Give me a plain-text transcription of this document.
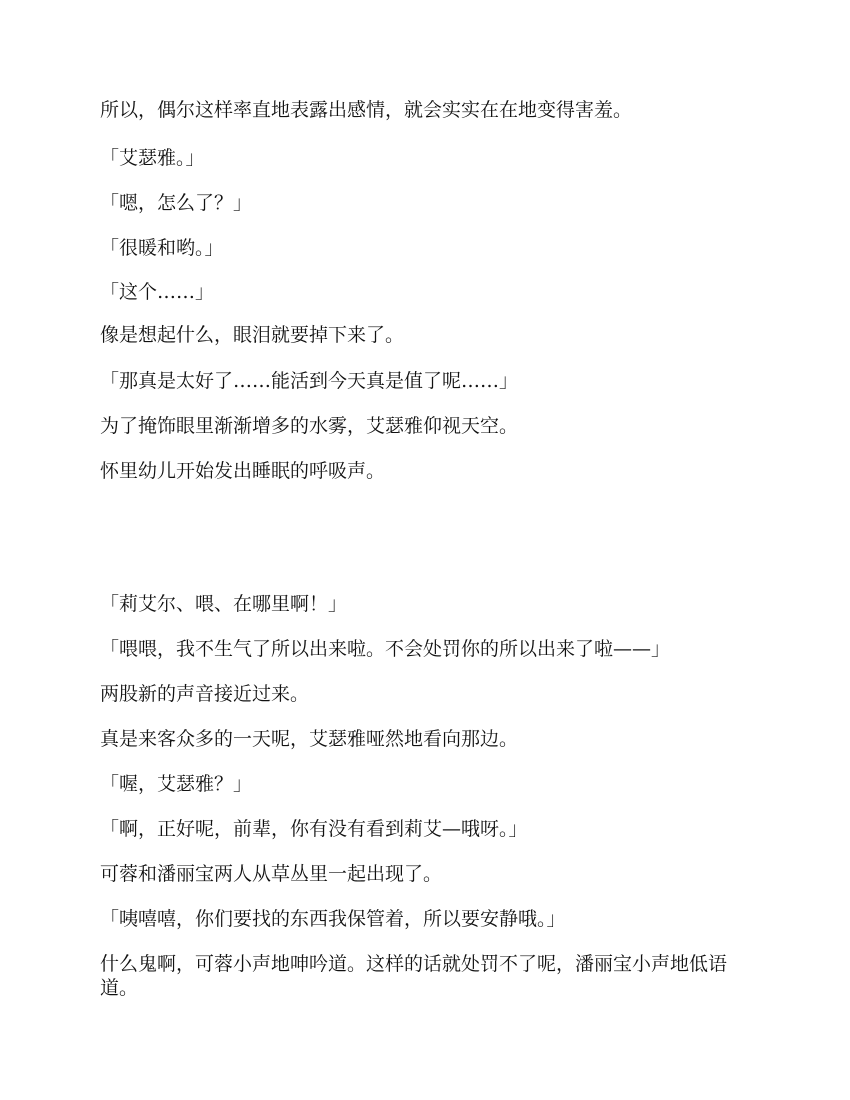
所以，偶尔这样率直地表露出感情，就会实实在在地变得害羞。

「艾瑟雅。」

「嗯，怎么了？」

「很暖和哟。」

「这个……」

像是想起什么，眼泪就要掉下来了。

「那真是太好了……能活到今天真是值了呢……」

为了掩饰眼里渐渐增多的水雾，艾瑟雅仰视天空。

怀里幼儿开始发出睡眠的呼吸声。

「莉艾尔、喂、在哪里啊！」

「喂喂，我不生气了所以出来啦。不会处罚你的所以出来了啦——」

两股新的声音接近过来。

真是来客众多的一天呢，艾瑟雅哑然地看向那边。

「喔，艾瑟雅？」

「啊，正好呢，前辈，你有没有看到莉艾—哦呀。」

可蓉和潘丽宝两人从草丛里一起出现了。

「咦嘻嘻，你们要找的东西我保管着，所以要安静哦。」

什么鬼啊，可蓉小声地呻吟道。这样的话就处罚不了呢，潘丽宝小声地低语道。
